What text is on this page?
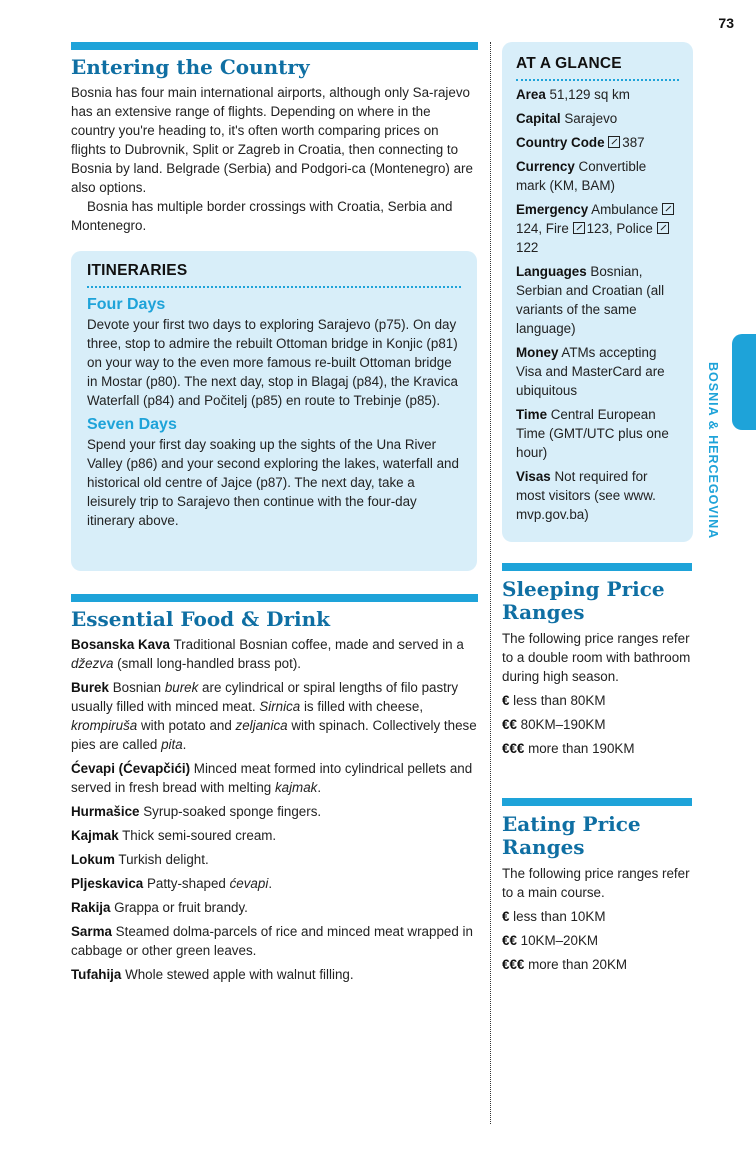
73
BOSNIA & HERCEGOVINA
Entering the Country

Bosnia has four main international airports, although only Sa-rajevo has an extensive range of flights. Depending on where in the country you're heading to, it's often worth comparing prices on flights to Dubrovnik, Split or Zagreb in Croatia, then connecting to Bosnia by land. Belgrade (Serbia) and Podgori-ca (Montenegro) are also options.

Bosnia has multiple border crossings with Croatia, Serbia and Montenegro.

ITINERARIES
Four Days

Devote your first two days to exploring Sarajevo (p75). On day three, stop to admire the rebuilt Ottoman bridge in Konjic (p81) on your way to the even more famous re-built Ottoman bridge in Mostar (p80). The next day, stop in Blagaj (p84), the Kravica Waterfall (p84) and Počitelj (p85) en route to Trebinje (p85).

Seven Days

Spend your first day soaking up the sights of the Una River Valley (p86) and your second exploring the lakes, waterfall and historical old centre of Jajce (p87). The next day, take a leisurely trip to Sarajevo then continue with the four-day itinerary above.

Essential Food & Drink
Bosanska Kava Traditional Bosnian coffee, made and served in a džezva (small long-handled brass pot).
Burek Bosnian burek are cylindrical or spiral lengths of filo pastry usually filled with minced meat. Sirnica is filled with cheese, krompiruša with potato and zeljanica with spinach. Collectively these pies are called pita.
Ćevapi (Ćevapčići) Minced meat formed into cylindrical pellets and served in fresh bread with melting kajmak.
Hurmašice Syrup-soaked sponge fingers.
Kajmak Thick semi-soured cream.
Lokum Turkish delight.
Pljeskavica Patty-shaped ćevapi.
Rakija Grappa or fruit brandy.
Sarma Steamed dolma-parcels of rice and minced meat wrapped in cabbage or other green leaves.
Tufahija Whole stewed apple with walnut filling.
AT A GLANCE
Area 51,129 sq km
Capital Sarajevo
Country Code 387
Currency Convertible mark (KM, BAM)
Emergency Ambulance 124, Fire 123, Police 122
Languages Bosnian, Serbian and Croatian (all variants of the same language)
Money ATMs accepting Visa and MasterCard are ubiquitous
Time Central European Time (GMT/UTC plus one hour)
Visas Not required for most visitors (see www. mvp.gov.ba)
Sleeping Price Ranges

The following price ranges refer to a double room with bathroom during high season.

€ less than 80KM
€€ 80KM–190KM
€€€ more than 190KM
Eating Price Ranges

The following price ranges refer to a main course.

€ less than 10KM
€€ 10KM–20KM
€€€ more than 20KM
